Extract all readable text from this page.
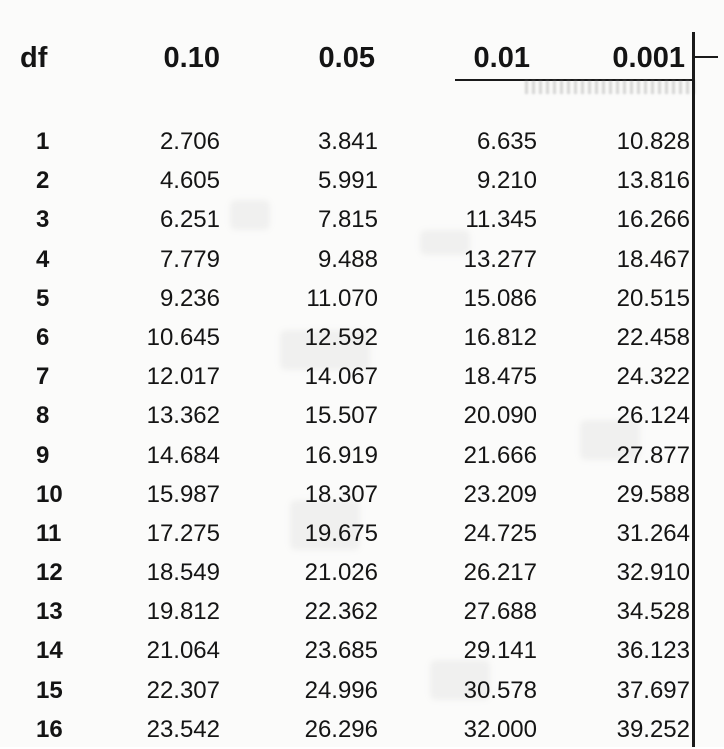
df	0.10	0.05	0.01	0.001
1	2.706	3.841	6.635	10.828
2	4.605	5.991	9.210	13.816
3	6.251	7.815	11.345	16.266
4	7.779	9.488	13.277	18.467
5	9.236	11.070	15.086	20.515
6	10.645	12.592	16.812	22.458
7	12.017	14.067	18.475	24.322
8	13.362	15.507	20.090	26.124
9	14.684	16.919	21.666	27.877
10	15.987	18.307	23.209	29.588
11	17.275	19.675	24.725	31.264
12	18.549	21.026	26.217	32.910
13	19.812	22.362	27.688	34.528
14	21.064	23.685	29.141	36.123
15	22.307	24.996	30.578	37.697
16	23.542	26.296	32.000	39.252
